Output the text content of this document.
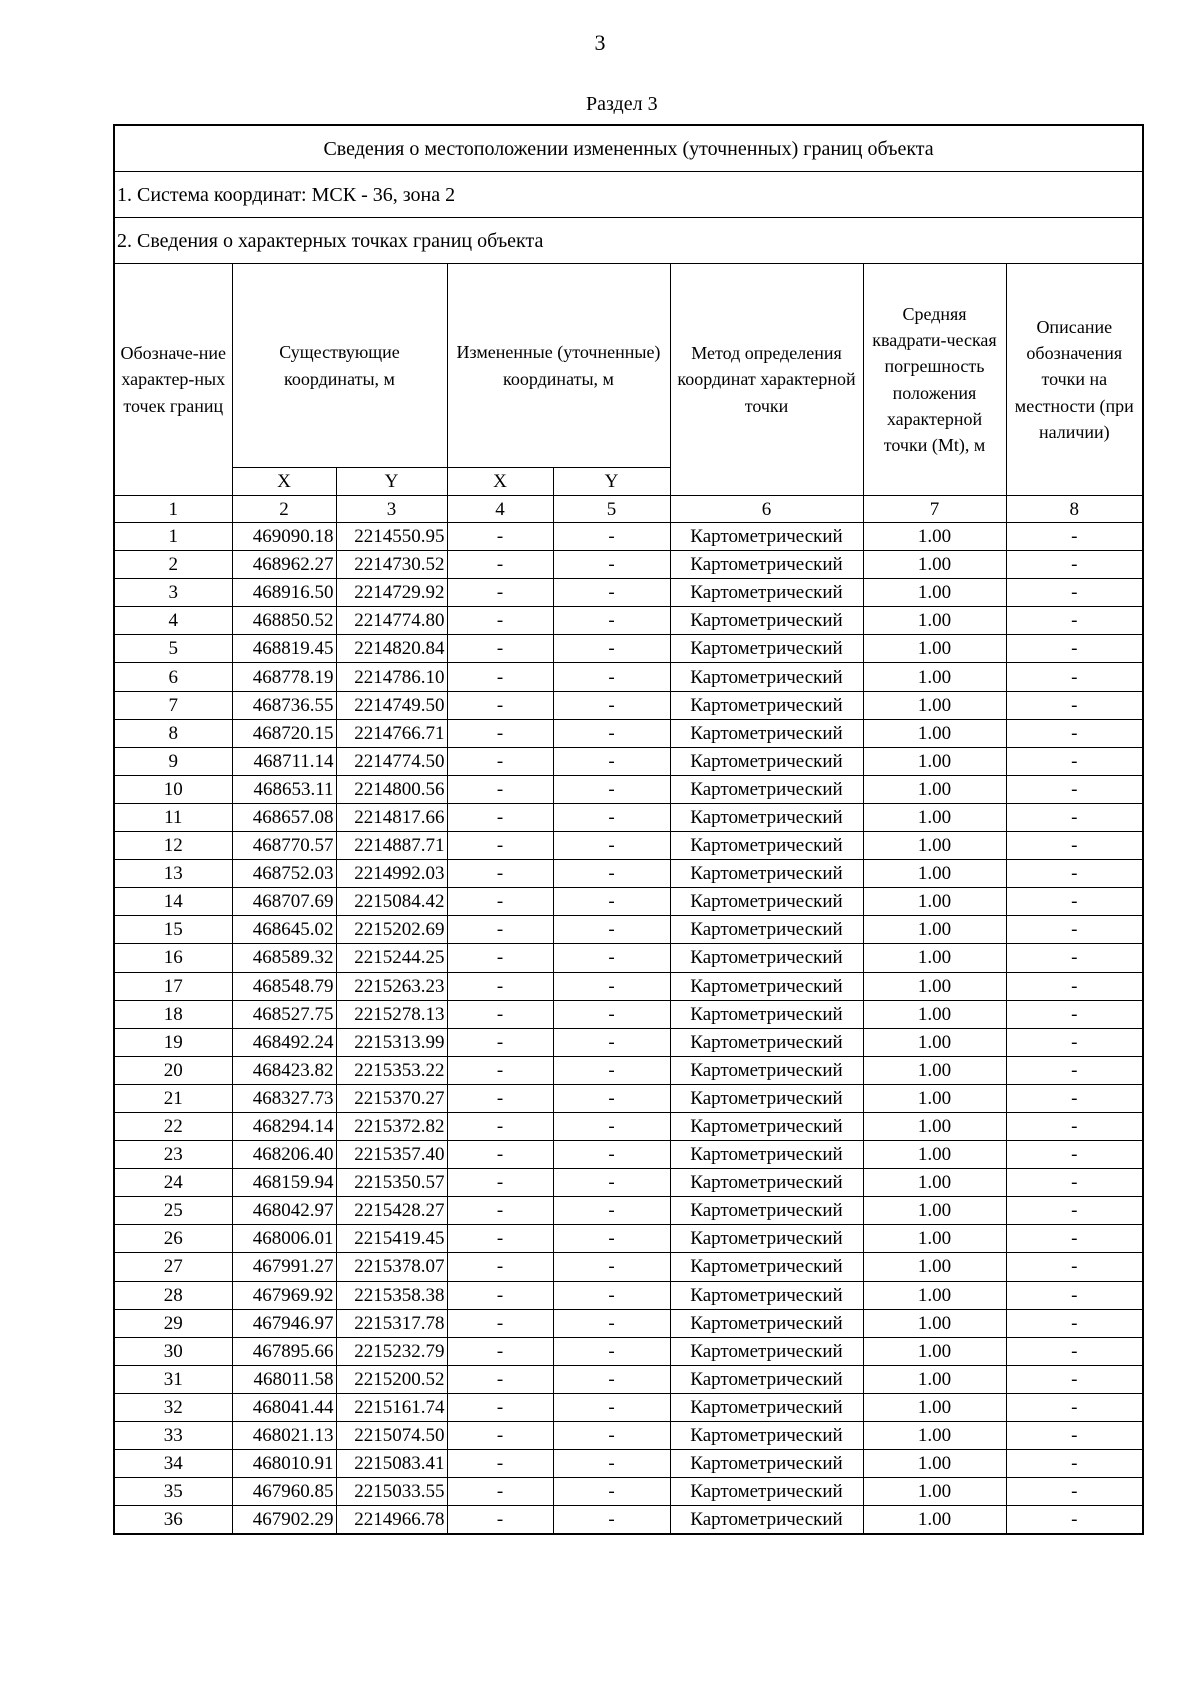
3
Раздел 3
Сведения о местоположении измененных (уточненных) границ объекта							
1. Система координат: МСК - 36, зона 2							
2. Сведения о характерных точках границ объекта							
Обозначе-ние характер-ных точек границ	Существующие координаты, м		Измененные (уточненные) координаты, м		Метод определения координат характерной точки	Средняя квадрати-ческая погрешность положения характерной точки (Mt), м	Описание обозначения точки на местности (при наличии)
	X	Y	X	Y			
1	2	3	4	5	6	7	8
1	469090.18	2214550.95	-	-	Картометрический	1.00	-
2	468962.27	2214730.52	-	-	Картометрический	1.00	-
3	468916.50	2214729.92	-	-	Картометрический	1.00	-
4	468850.52	2214774.80	-	-	Картометрический	1.00	-
5	468819.45	2214820.84	-	-	Картометрический	1.00	-
6	468778.19	2214786.10	-	-	Картометрический	1.00	-
7	468736.55	2214749.50	-	-	Картометрический	1.00	-
8	468720.15	2214766.71	-	-	Картометрический	1.00	-
9	468711.14	2214774.50	-	-	Картометрический	1.00	-
10	468653.11	2214800.56	-	-	Картометрический	1.00	-
11	468657.08	2214817.66	-	-	Картометрический	1.00	-
12	468770.57	2214887.71	-	-	Картометрический	1.00	-
13	468752.03	2214992.03	-	-	Картометрический	1.00	-
14	468707.69	2215084.42	-	-	Картометрический	1.00	-
15	468645.02	2215202.69	-	-	Картометрический	1.00	-
16	468589.32	2215244.25	-	-	Картометрический	1.00	-
17	468548.79	2215263.23	-	-	Картометрический	1.00	-
18	468527.75	2215278.13	-	-	Картометрический	1.00	-
19	468492.24	2215313.99	-	-	Картометрический	1.00	-
20	468423.82	2215353.22	-	-	Картометрический	1.00	-
21	468327.73	2215370.27	-	-	Картометрический	1.00	-
22	468294.14	2215372.82	-	-	Картометрический	1.00	-
23	468206.40	2215357.40	-	-	Картометрический	1.00	-
24	468159.94	2215350.57	-	-	Картометрический	1.00	-
25	468042.97	2215428.27	-	-	Картометрический	1.00	-
26	468006.01	2215419.45	-	-	Картометрический	1.00	-
27	467991.27	2215378.07	-	-	Картометрический	1.00	-
28	467969.92	2215358.38	-	-	Картометрический	1.00	-
29	467946.97	2215317.78	-	-	Картометрический	1.00	-
30	467895.66	2215232.79	-	-	Картометрический	1.00	-
31	468011.58	2215200.52	-	-	Картометрический	1.00	-
32	468041.44	2215161.74	-	-	Картометрический	1.00	-
33	468021.13	2215074.50	-	-	Картометрический	1.00	-
34	468010.91	2215083.41	-	-	Картометрический	1.00	-
35	467960.85	2215033.55	-	-	Картометрический	1.00	-
36	467902.29	2214966.78	-	-	Картометрический	1.00	-
